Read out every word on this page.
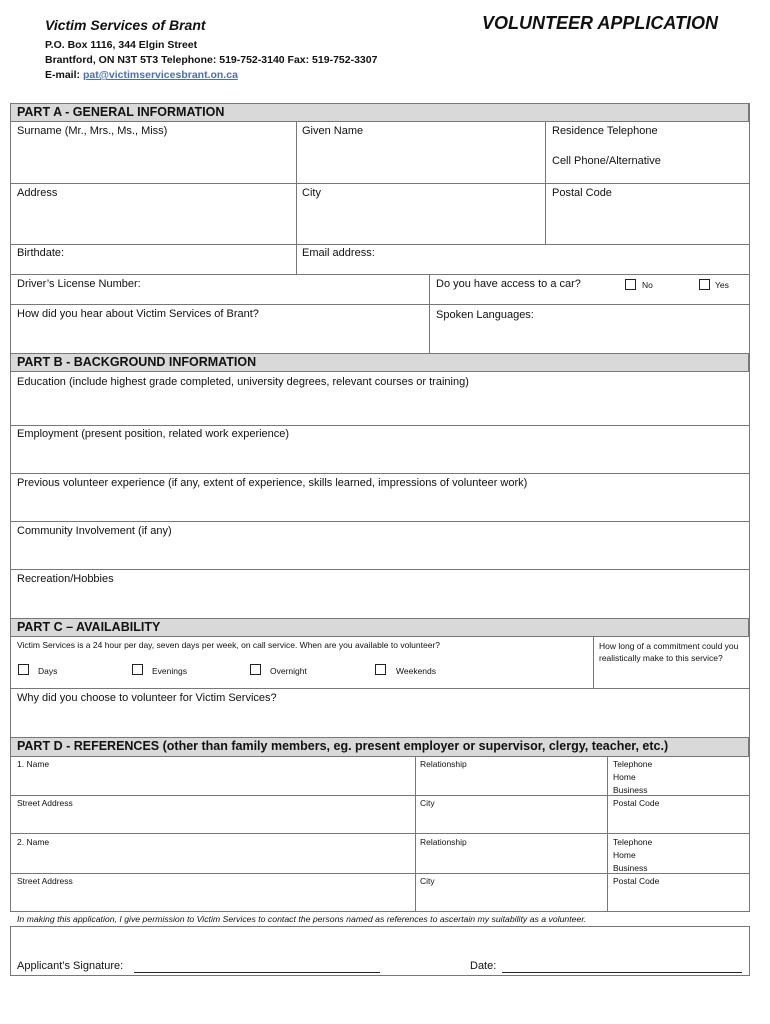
Victim Services of Brant	VOLUNTEER APPLICATION
P.O. Box 1116, 344 Elgin Street
Brantford, ON N3T 5T3 Telephone: 519-752-3140 Fax: 519-752-3307
E-mail: pat@victimservicesbrant.on.ca
PART A - GENERAL INFORMATION
Surname (Mr., Mrs., Ms., Miss)	Given Name	Residence Telephone
Cell Phone/Alternative
Address	City	Postal Code
Birthdate:	Email address:
Driver’s License Number:	Do you have access to a car?	No	Yes
How did you hear about Victim Services of Brant?	Spoken Languages:
PART B - BACKGROUND INFORMATION
Education (include highest grade completed, university degrees, relevant courses or training)
Employment (present position, related work experience)
Previous volunteer experience (if any, extent of experience, skills learned, impressions of volunteer work)
Community Involvement (if any)
Recreation/Hobbies
PART C – AVAILABILITY
Victim Services is a 24 hour per day, seven days per week, on call service. When are you available to volunteer?
Days	Evenings	Overnight	Weekends
How long of a commitment could you realistically make to this service?
Why did you choose to volunteer for Victim Services?
PART D - REFERENCES (other than family members, eg. present employer or supervisor, clergy, teacher, etc.)
1. Name	Relationship	Telephone
Home
Business
Street Address	City	Postal Code
2. Name	Relationship	Telephone
Home
Business
Street Address	City	Postal Code
In making this application, I give permission to Victim Services to contact the persons named as references to ascertain my suitability as a volunteer.
Applicant’s Signature:	Date:
